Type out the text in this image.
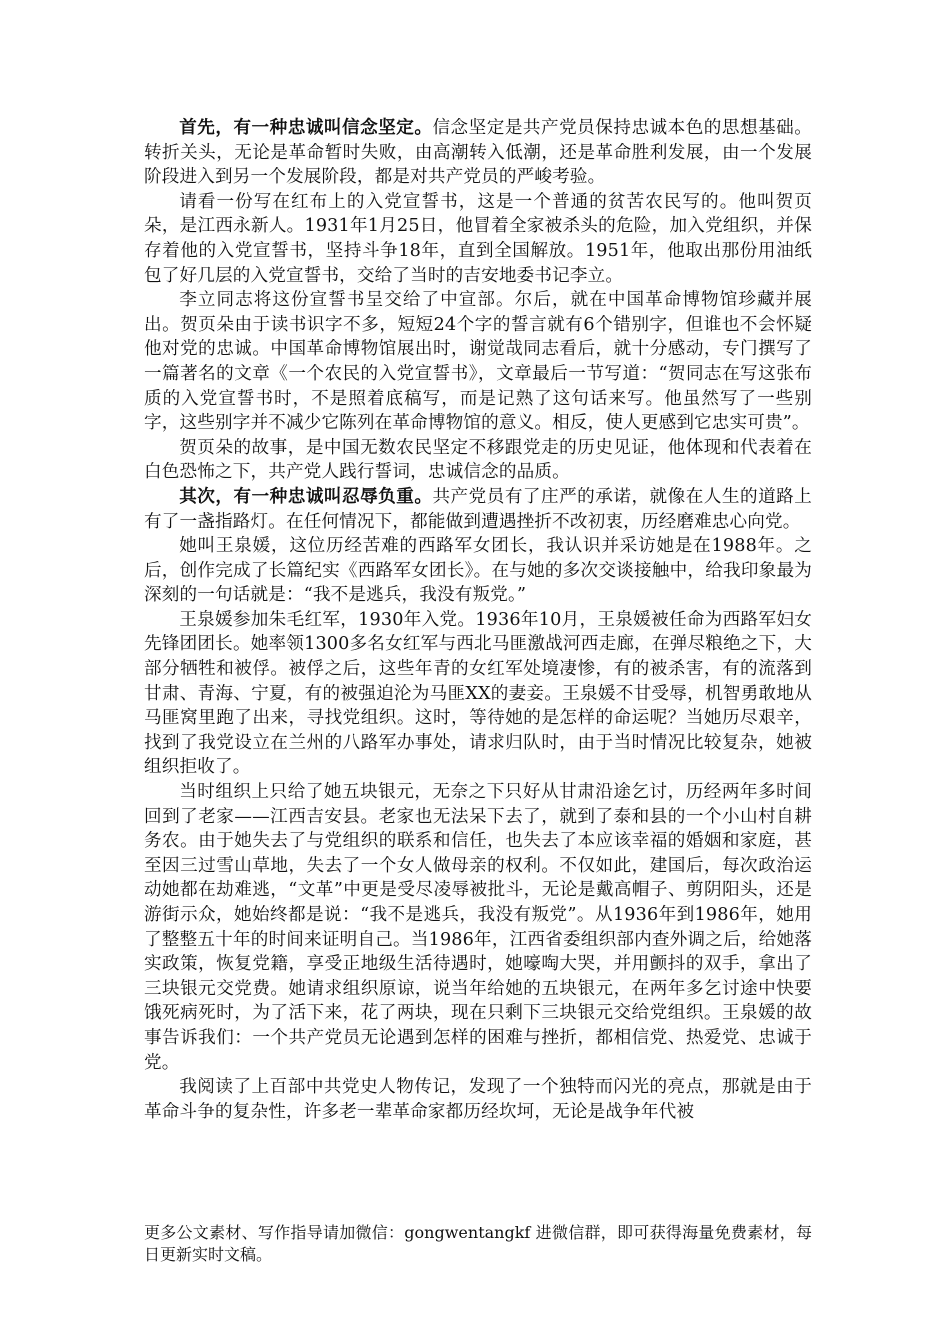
首先，有一种忠诚叫信念坚定。信念坚定是共产党员保持忠诚本色的思想基础。转折关头，无论是革命暂时失败，由高潮转入低潮，还是革命胜利发展，由一个发展阶段进入到另一个发展阶段，都是对共产党员的严峻考验。

请看一份写在红布上的入党宣誓书，这是一个普通的贫苦农民写的。他叫贺页朵，是江西永新人。1931年1月25日，他冒着全家被杀头的危险，加入党组织，并保存着他的入党宣誓书，坚持斗争18年，直到全国解放。1951年，他取出那份用油纸包了好几层的入党宣誓书，交给了当时的吉安地委书记李立。

李立同志将这份宣誓书呈交给了中宣部。尔后，就在中国革命博物馆珍藏并展出。贺页朵由于读书识字不多，短短24个字的誓言就有6个错别字，但谁也不会怀疑他对党的忠诚。中国革命博物馆展出时，谢觉哉同志看后，就十分感动，专门撰写了一篇著名的文章《一个农民的入党宣誓书》，文章最后一节写道：“贺同志在写这张布质的入党宣誓书时，不是照着底稿写，而是记熟了这句话来写。他虽然写了一些别字，这些别字并不减少它陈列在革命博物馆的意义。相反，使人更感到它忠实可贵”。

贺页朵的故事，是中国无数农民坚定不移跟党走的历史见证，他体现和代表着在白色恐怖之下，共产党人践行誓词，忠诚信念的品质。

其次，有一种忠诚叫忍辱负重。共产党员有了庄严的承诺，就像在人生的道路上有了一盏指路灯。在任何情况下，都能做到遭遇挫折不改初衷，历经磨难忠心向党。

她叫王泉媛，这位历经苦难的西路军女团长，我认识并采访她是在1988年。之后，创作完成了长篇纪实《西路军女团长》。在与她的多次交谈接触中，给我印象最为深刻的一句话就是：“我不是逃兵，我没有叛党。”

王泉媛参加朱毛红军，1930年入党。1936年10月，王泉媛被任命为西路军妇女先锋团团长。她率领1300多名女红军与西北马匪激战河西走廊，在弹尽粮绝之下，大部分牺牲和被俘。被俘之后，这些年青的女红军处境凄惨，有的被杀害，有的流落到甘肃、青海、宁夏，有的被强迫沦为马匪XX的妻妾。王泉媛不甘受辱，机智勇敢地从马匪窝里跑了出来，寻找党组织。这时，等待她的是怎样的命运呢？当她历尽艰辛，找到了我党设立在兰州的八路军办事处，请求归队时，由于当时情况比较复杂，她被组织拒收了。

当时组织上只给了她五块银元，无奈之下只好从甘肃沿途乞讨，历经两年多时间回到了老家——江西吉安县。老家也无法呆下去了，就到了泰和县的一个小山村自耕务农。由于她失去了与党组织的联系和信任，也失去了本应该幸福的婚姻和家庭，甚至因三过雪山草地，失去了一个女人做母亲的权利。不仅如此，建国后，每次政治运动她都在劫难逃，“文革”中更是受尽凌辱被批斗，无论是戴高帽子、剪阴阳头，还是游街示众，她始终都是说：“我不是逃兵，我没有叛党”。从1936年到1986年，她用了整整五十年的时间来证明自己。当1986年，江西省委组织部内查外调之后，给她落实政策，恢复党籍，享受正地级生活待遇时，她嚎啕大哭，并用颤抖的双手，拿出了三块银元交党费。她请求组织原谅，说当年给她的五块银元，在两年多乞讨途中快要饿死病死时，为了活下来，花了两块，现在只剩下三块银元交给党组织。王泉媛的故事告诉我们：一个共产党员无论遇到怎样的困难与挫折，都相信党、热爱党、忠诚于党。

我阅读了上百部中共党史人物传记，发现了一个独特而闪光的亮点，那就是由于革命斗争的复杂性，许多老一辈革命家都历经坎坷，无论是战争年代被

更多公文素材、写作指导请加微信：gongwentangkf 进微信群，即可获得海量免费素材，每日更新实时文稿。
